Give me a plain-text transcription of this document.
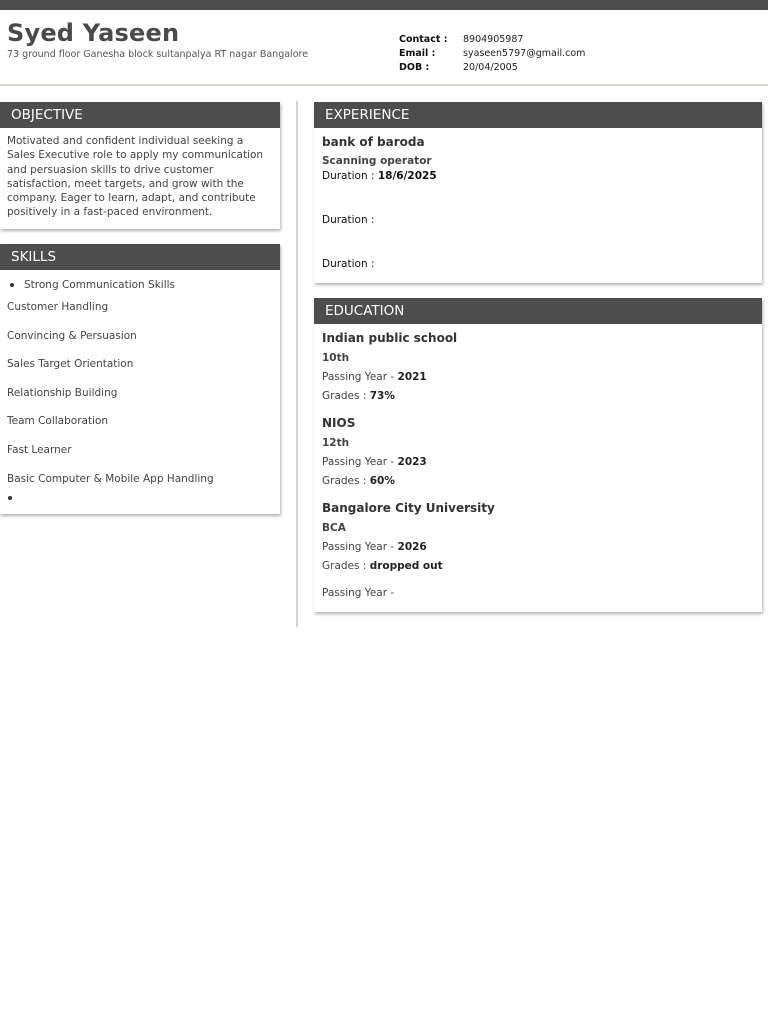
Syed Yaseen
73 ground floor Ganesha block sultanpalya RT nagar Bangalore
Contact :	8904905987
Email :	syaseen5797@gmail.com
DOB :	20/04/2005
OBJECTIVE
Motivated and confident individual seeking a Sales Executive role to apply my communication and persuasion skills to drive customer satisfaction, meet targets, and grow with the company. Eager to learn, adapt, and contribute positively in a fast-paced environment.
SKILLS
Strong Communication Skills
Customer Handling
Convincing & Persuasion
Sales Target Orientation
Relationship Building
Team Collaboration
Fast Learner
Basic Computer & Mobile App Handling
EXPERIENCE
bank of baroda
Scanning operator
Duration : 18/6/2025
Duration :
Duration :
EDUCATION
Indian public school
10th
Passing Year - 2021
Grades : 73%
NIOS
12th
Passing Year - 2023
Grades : 60%
Bangalore City University
BCA
Passing Year - 2026
Grades : dropped out
Passing Year -
